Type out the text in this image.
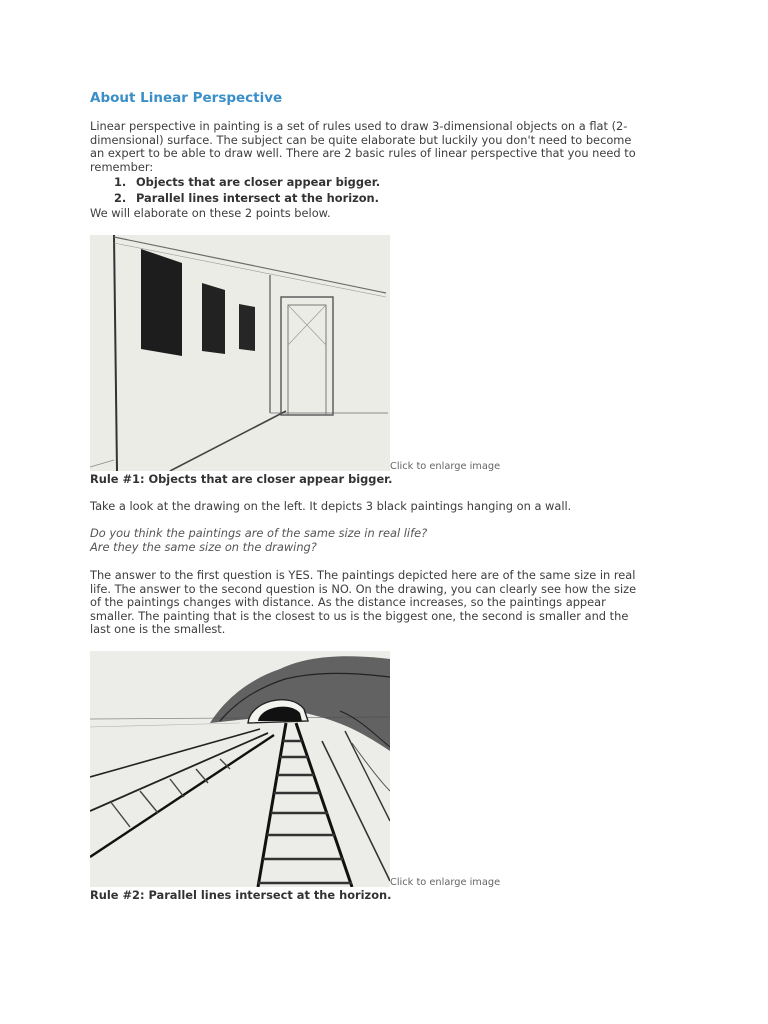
About Linear Perspective

Linear perspective in painting is a set of rules used to draw 3-dimensional objects on a flat (2-dimensional) surface. The subject can be quite elaborate but luckily you don't need to become an expert to be able to draw well. There are 2 basic rules of linear perspective that you need to remember:

1. Objects that are closer appear bigger.
2. Parallel lines intersect at the horizon.

We will elaborate on these 2 points below.

Click to enlarge image

Rule #1: Objects that are closer appear bigger.

Take a look at the drawing on the left. It depicts 3 black paintings hanging on a wall.

Do you think the paintings are of the same size in real life?
Are they the same size on the drawing?

The answer to the first question is YES. The paintings depicted here are of the same size in real life. The answer to the second question is NO. On the drawing, you can clearly see how the size of the paintings changes with distance. As the distance increases, so the paintings appear smaller. The painting that is the closest to us is the biggest one, the second is smaller and the last one is the smallest.

Click to enlarge image

Rule #2: Parallel lines intersect at the horizon.
